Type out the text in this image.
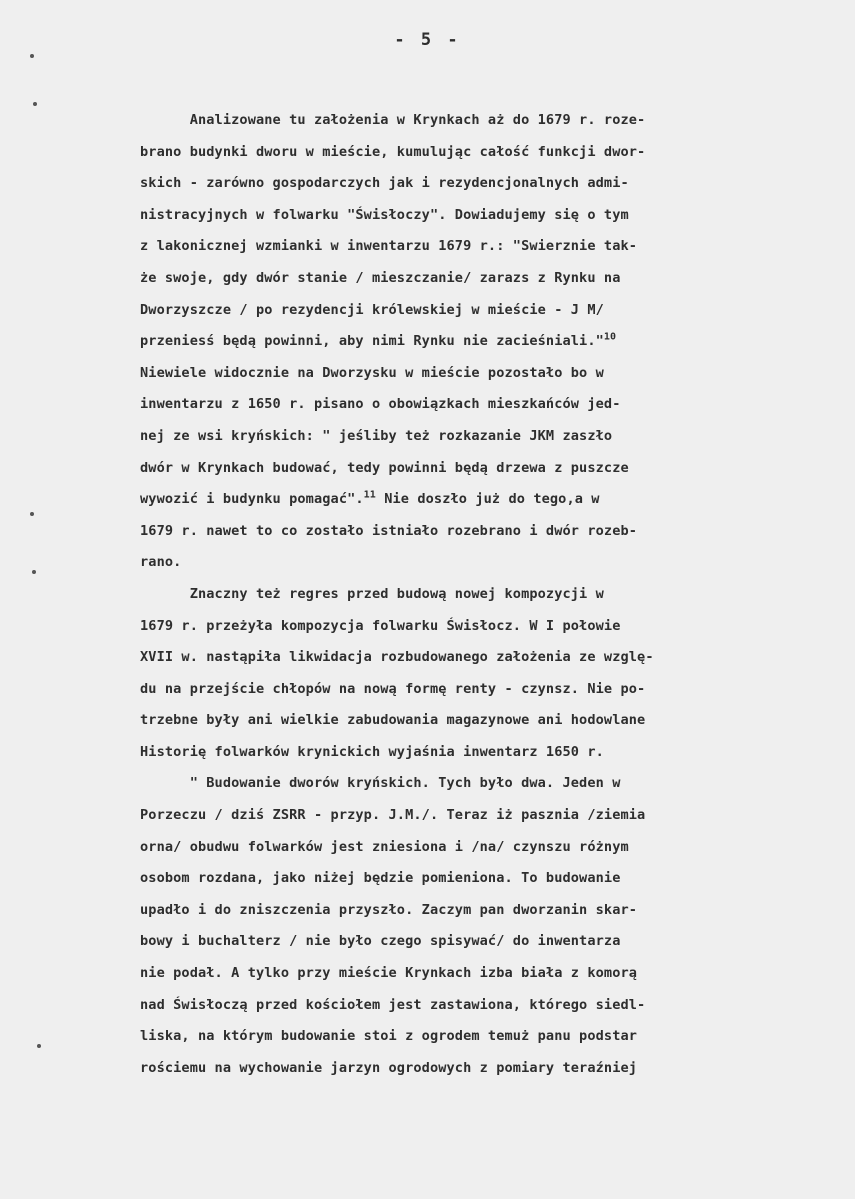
- 5 -
Analizowane tu założenia w Krynkach aż do 1679 r. roze-
brano budynki dworu w mieście, kumulując całość funkcji dwor-
skich - zarówno gospodarczych jak i rezydencjonalnych admi-
nistracyjnych w folwarku "Świsłoczy". Dowiadujemy się o tym
z lakonicznej wzmianki w inwentarzu 1679 r.: "Swierznie tak-
że swoje, gdy dwór stanie / mieszczanie/ zarazs z Rynku na
Dworzyszcze / po rezydencji królewskiej w mieście - J M/
przeniesś będą powinni, aby nimi Rynku nie zacieśniali."$^{10}$
Niewiele widocznie na Dworzysku w mieście pozostało bo w
inwentarzu z 1650 r. pisano o obowiązkach mieszkańców jed-
nej ze wsi kryńskich: " jeśliby też rozkazanie JKM zaszło
dwór w Krynkach budować, tedy powinni będą drzewa z puszcze
wywozić i budynku pomagać".$^{11}$ Nie doszło już do tego,a w
1679 r. nawet to co zostało istniało rozebrano i dwór rozeb-
rano.
Znaczny też regres przed budową nowej kompozycji w
1679 r. przeżyła kompozycja folwarku Świsłocz. W I połowie
XVII w. nastąpiła likwidacja rozbudowanego założenia ze wzglę-
du na przejście chłopów na nową formę renty - czynsz. Nie po-
trzebne były ani wielkie zabudowania magazynowe ani hodowlane
Historię folwarków krynickich wyjaśnia inwentarz 1650 r.
" Budowanie dworów kryńskich. Tych było dwa. Jeden w
Porzeczu / dziś ZSRR - przyp. J.M./. Teraz iż pasznia /ziemia
orna/ obudwu folwarków jest zniesiona i /na/ czynszu różnym
osobom rozdana, jako niżej będzie pomieniona. To budowanie
upadło i do zniszczenia przyszło. Zaczym pan dworzanin skar-
bowy i buchalterz / nie było czego spisywać/ do inwentarza
nie podał. A tylko przy mieście Krynkach izba biała z komorą
nad Świsłoczą przed kościołem jest zastawiona, którego siedl-
liska, na którym budowanie stoi z ogrodem temuż panu podstar
rościemu na wychowanie jarzyn ogrodowych z pomiary teraźniej
